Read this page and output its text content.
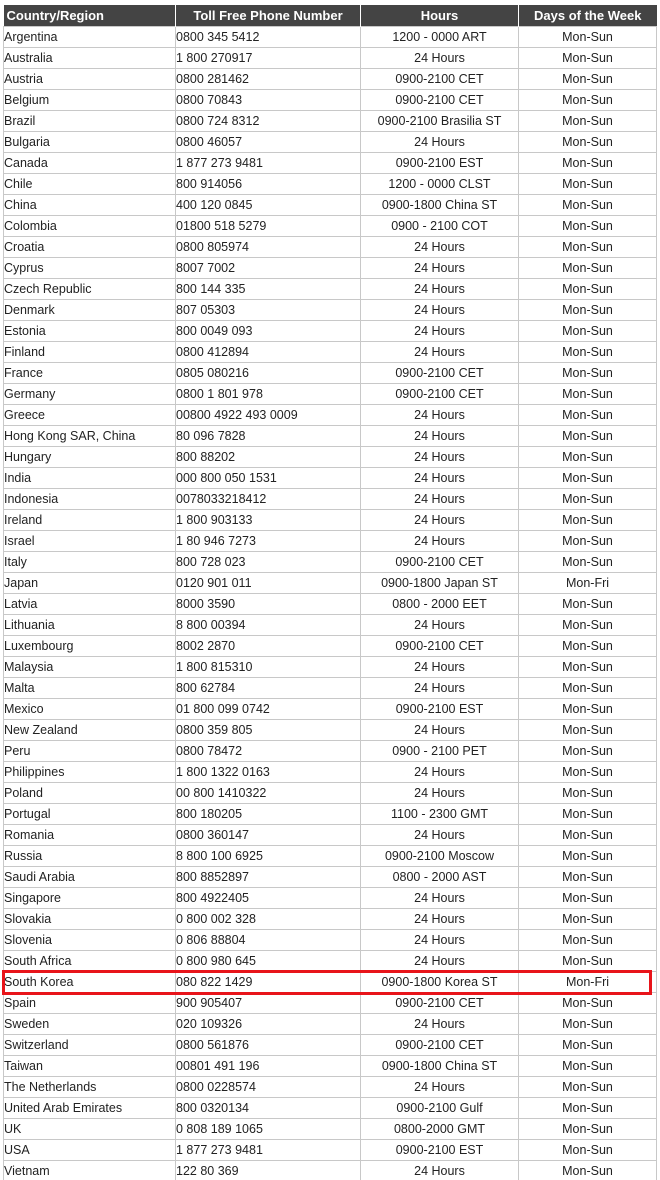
Country/Region	Toll Free Phone Number	Hours	Days of the Week
Argentina	0800 345 5412	1200 - 0000 ART	Mon-Sun
Australia	1 800 270917	24 Hours	Mon-Sun
Austria	0800 281462	0900-2100 CET	Mon-Sun
Belgium	0800 70843	0900-2100 CET	Mon-Sun
Brazil	0800 724 8312	0900-2100 Brasilia ST	Mon-Sun
Bulgaria	0800 46057	24 Hours	Mon-Sun
Canada	1 877 273 9481	0900-2100 EST	Mon-Sun
Chile	800 914056	1200 - 0000 CLST	Mon-Sun
China	400 120 0845	0900-1800 China ST	Mon-Sun
Colombia	01800 518 5279	0900 - 2100 COT	Mon-Sun
Croatia	0800 805974	24 Hours	Mon-Sun
Cyprus	8007 7002	24 Hours	Mon-Sun
Czech Republic	800 144 335	24 Hours	Mon-Sun
Denmark	807 05303	24 Hours	Mon-Sun
Estonia	800 0049 093	24 Hours	Mon-Sun
Finland	0800 412894	24 Hours	Mon-Sun
France	0805 080216	0900-2100 CET	Mon-Sun
Germany	0800 1 801 978	0900-2100 CET	Mon-Sun
Greece	00800 4922 493 0009	24 Hours	Mon-Sun
Hong Kong SAR, China	80 096 7828	24 Hours	Mon-Sun
Hungary	800 88202	24 Hours	Mon-Sun
India	000 800 050 1531	24 Hours	Mon-Sun
Indonesia	0078033218412	24 Hours	Mon-Sun
Ireland	1 800 903133	24 Hours	Mon-Sun
Israel	1 80 946 7273	24 Hours	Mon-Sun
Italy	800 728 023	0900-2100 CET	Mon-Sun
Japan	0120 901 011	0900-1800 Japan ST	Mon-Fri
Latvia	8000 3590	0800 - 2000 EET	Mon-Sun
Lithuania	8 800 00394	24 Hours	Mon-Sun
Luxembourg	8002 2870	0900-2100 CET	Mon-Sun
Malaysia	1 800 815310	24 Hours	Mon-Sun
Malta	800 62784	24 Hours	Mon-Sun
Mexico	01 800 099 0742	0900-2100 EST	Mon-Sun
New Zealand	0800 359 805	24 Hours	Mon-Sun
Peru	0800 78472	0900 - 2100 PET	Mon-Sun
Philippines	1 800 1322 0163	24 Hours	Mon-Sun
Poland	00 800 1410322	24 Hours	Mon-Sun
Portugal	800 180205	1100 - 2300 GMT	Mon-Sun
Romania	0800 360147	24 Hours	Mon-Sun
Russia	8 800 100 6925	0900-2100 Moscow	Mon-Sun
Saudi Arabia	800 8852897	0800 - 2000 AST	Mon-Sun
Singapore	800 4922405	24 Hours	Mon-Sun
Slovakia	0 800 002 328	24 Hours	Mon-Sun
Slovenia	0 806 88804	24 Hours	Mon-Sun
South Africa	0 800 980 645	24 Hours	Mon-Sun
South Korea	080 822 1429	0900-1800 Korea ST	Mon-Fri
Spain	900 905407	0900-2100 CET	Mon-Sun
Sweden	020 109326	24 Hours	Mon-Sun
Switzerland	0800 561876	0900-2100 CET	Mon-Sun
Taiwan	00801 491 196	0900-1800 China ST	Mon-Sun
The Netherlands	0800 0228574	24 Hours	Mon-Sun
United Arab Emirates	800 0320134	0900-2100 Gulf	Mon-Sun
UK	0 808 189 1065	0800-2000 GMT	Mon-Sun
USA	1 877 273 9481	0900-2100 EST	Mon-Sun
Vietnam	122 80 369	24 Hours	Mon-Sun
